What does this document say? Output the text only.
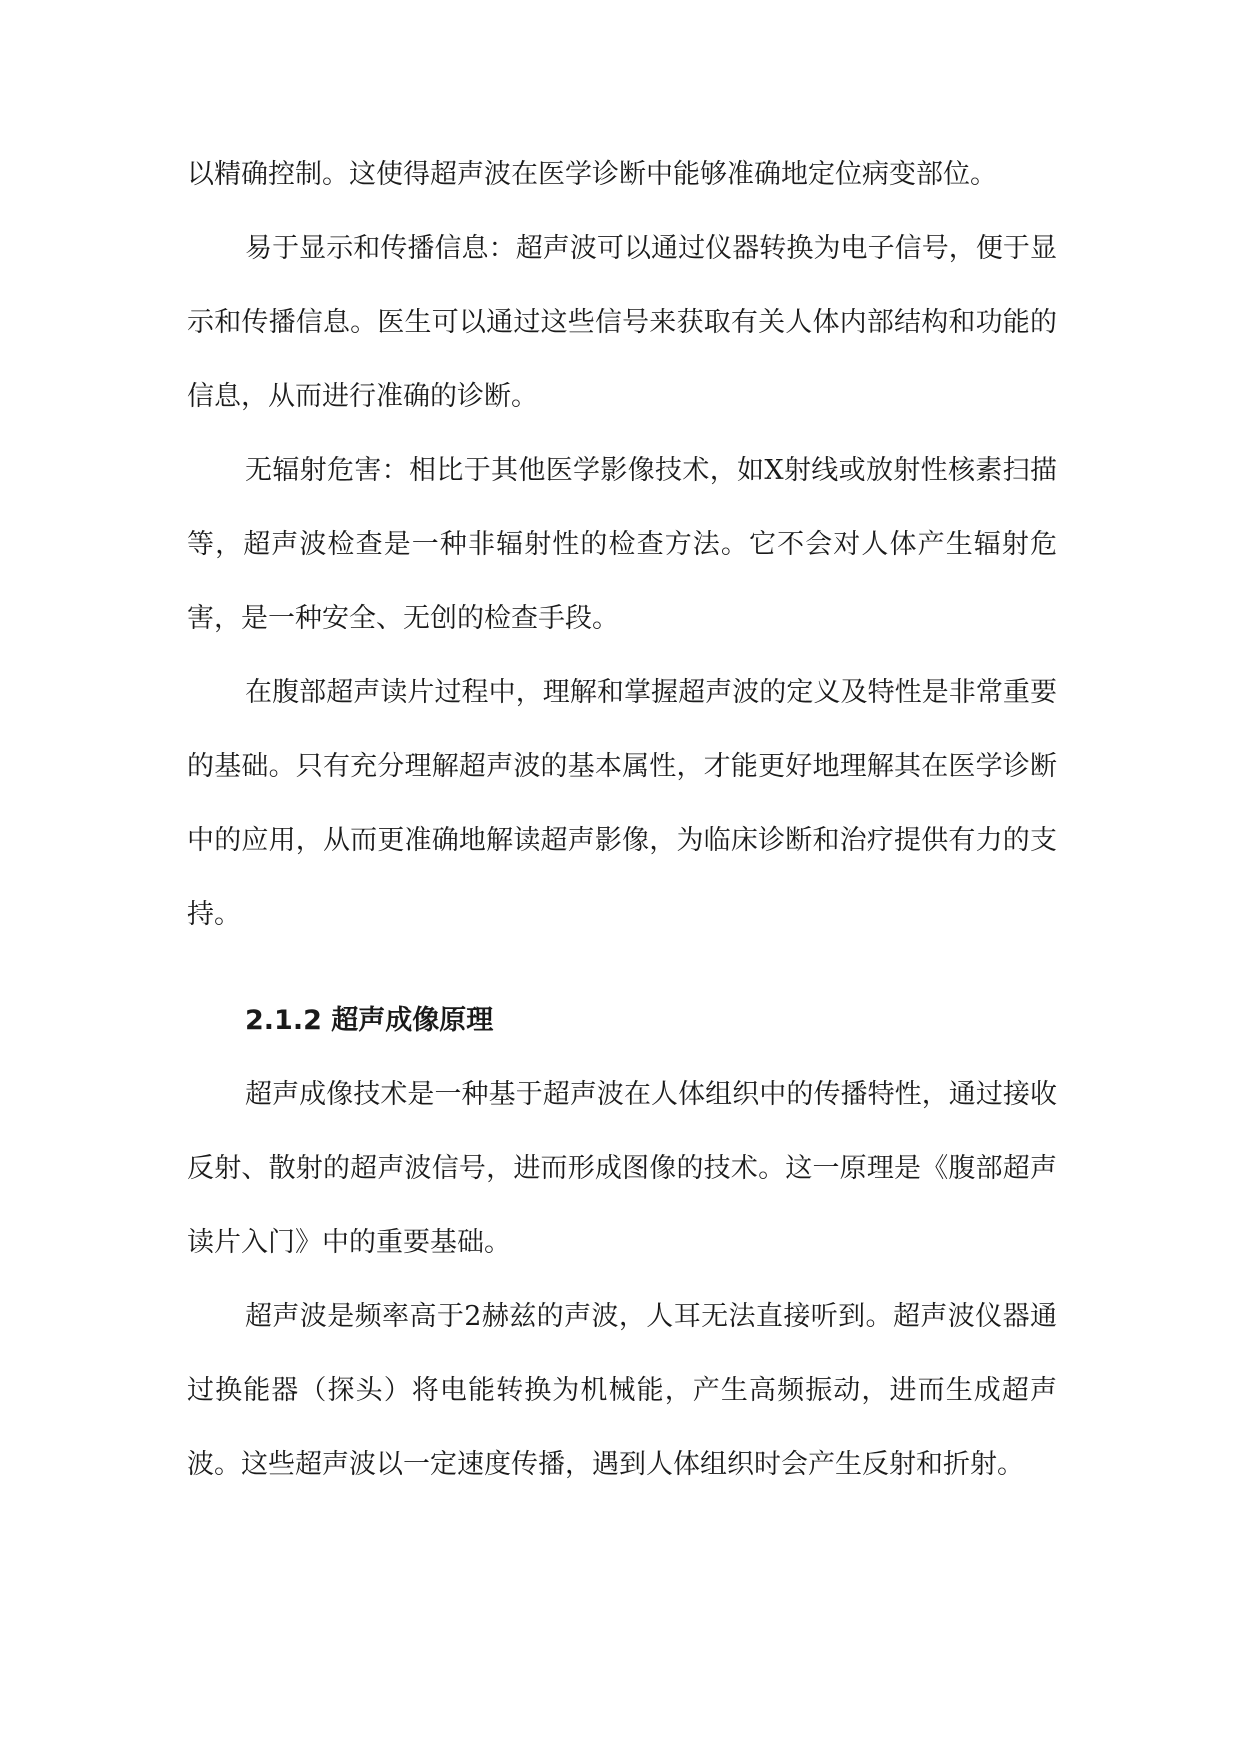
以精确控制。这使得超声波在医学诊断中能够准确地定位病变部位。

易于显示和传播信息：超声波可以通过仪器转换为电子信号，便于显示和传播信息。医生可以通过这些信号来获取有关人体内部结构和功能的信息，从而进行准确的诊断。

无辐射危害：相比于其他医学影像技术，如X射线或放射性核素扫描等，超声波检查是一种非辐射性的检查方法。它不会对人体产生辐射危害，是一种安全、无创的检查手段。

在腹部超声读片过程中，理解和掌握超声波的定义及特性是非常重要的基础。只有充分理解超声波的基本属性，才能更好地理解其在医学诊断中的应用，从而更准确地解读超声影像，为临床诊断和治疗提供有力的支持。

2.1.2 超声成像原理

超声成像技术是一种基于超声波在人体组织中的传播特性，通过接收反射、散射的超声波信号，进而形成图像的技术。这一原理是《腹部超声读片入门》中的重要基础。

超声波是频率高于2赫兹的声波，人耳无法直接听到。超声波仪器通过换能器（探头）将电能转换为机械能，产生高频振动，进而生成超声波。这些超声波以一定速度传播，遇到人体组织时会产生反射和折射。
